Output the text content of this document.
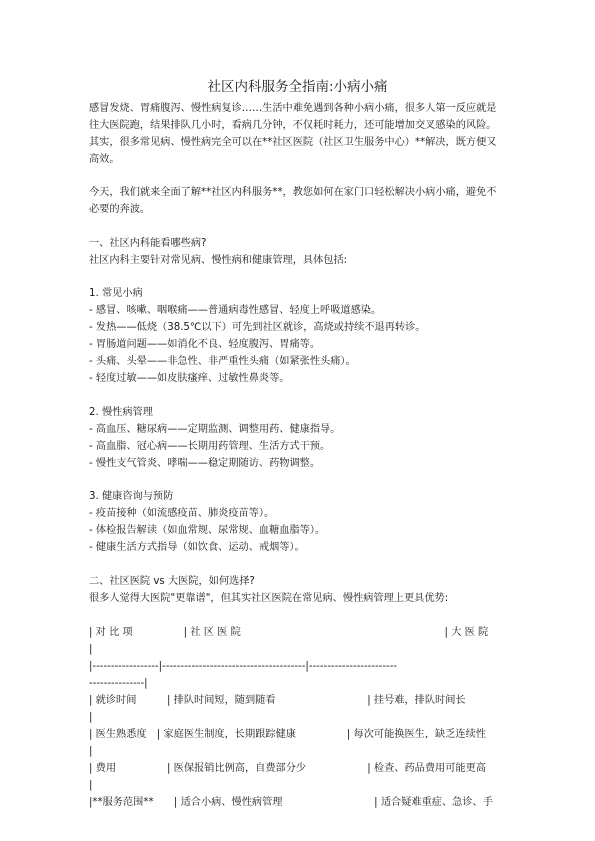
社区内科服务全指南:小病小痛
感冒发烧、胃痛腹泻、慢性病复诊……生活中难免遇到各种小病小痛，很多人第一反应就是
往大医院跑，结果排队几小时，看病几分钟，不仅耗时耗力，还可能增加交叉感染的风险。
其实，很多常见病、慢性病完全可以在**社区医院（社区卫生服务中心）**解决，既方便又
高效。
今天，我们就来全面了解**社区内科服务**，教您如何在家门口轻松解决小病小痛，避免不
必要的奔波。
一、社区内科能看哪些病?
社区内科主要针对常见病、慢性病和健康管理，具体包括:
1. 常见小病
- 感冒、咳嗽、咽喉痛——普通病毒性感冒、轻度上呼吸道感染。
- 发热——低烧（38.5℃以下）可先到社区就诊，高烧或持续不退再转诊。
- 胃肠道问题——如消化不良、轻度腹泻、胃痛等。
- 头痛、头晕——非急性、非严重性头痛（如紧张性头痛）。
- 轻度过敏——如皮肤瘙痒、过敏性鼻炎等。
2. 慢性病管理
- 高血压、糖尿病——定期监测、调整用药、健康指导。
- 高血脂、冠心病——长期用药管理、生活方式干预。
- 慢性支气管炎、哮喘——稳定期随访、药物调整。
3. 健康咨询与预防
- 疫苗接种（如流感疫苗、肺炎疫苗等）。
- 体检报告解读（如血常规、尿常规、血糖血脂等）。
- 健康生活方式指导（如饮食、运动、戒烟等）。
二、社区医院 vs 大医院，如何选择?
很多人觉得大医院"更靠谱"，但其实社区医院在常见病、慢性病管理上更具优势:
| 对 比 项　　　　　| 社 区 医 院　　　　　　　　　　　　　　　　　　　　| 大 医 院
|
|------------------|---------------------------------------|------------------------
---------------|
| 就诊时间　　　| 排队时间短，随到随看　　　　　　　　　| 挂号难，排队时间长
|
| 医生熟悉度　| 家庭医生制度，长期跟踪健康　　　　　| 每次可能换医生，缺乏连续性
|
| 费用　　　　　| 医保报销比例高，自费部分少　　　　　　| 检查、药品费用可能更高
|
|**服务范围**　　| 适合小病、慢性病管理　　　　　　　　　| 适合疑难重症、急诊、手
